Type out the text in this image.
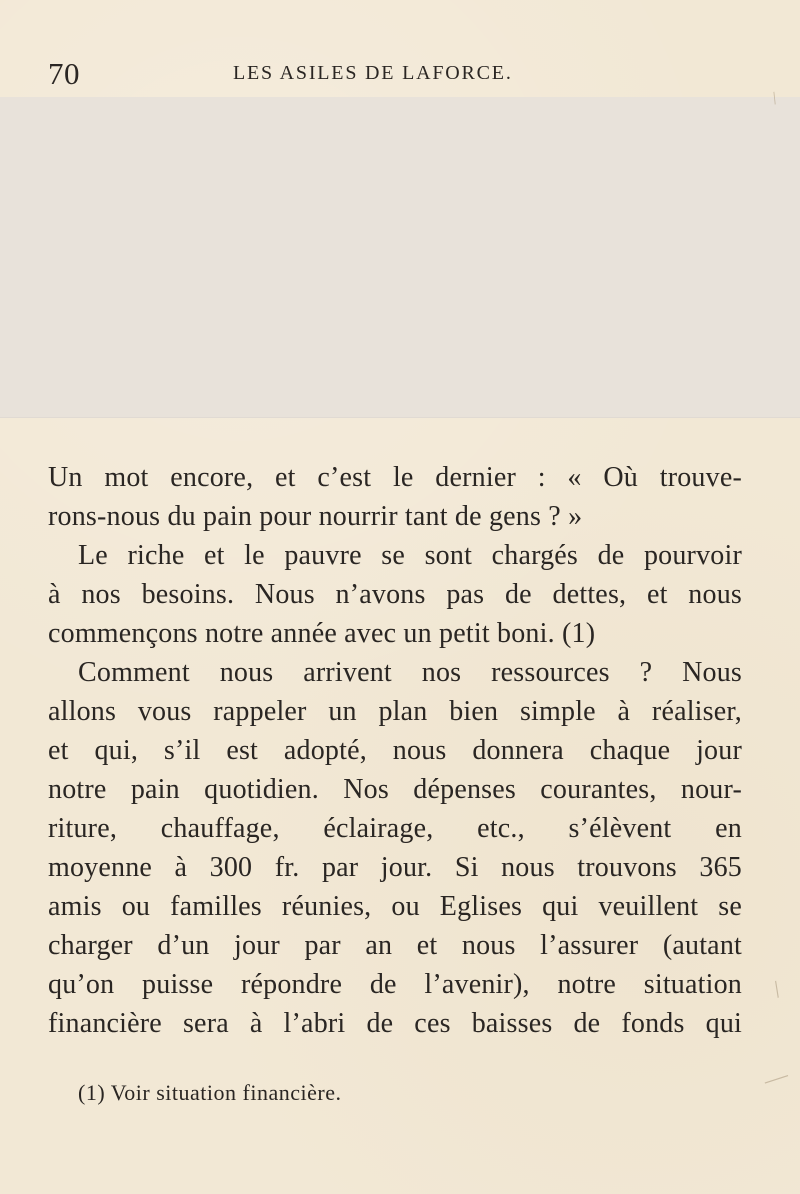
70	LES ASILES DE LAFORCE.
Un mot encore, et c’est le dernier : « Où trouve-
rons-nous du pain pour nourrir tant de gens ? »
Le riche et le pauvre se sont chargés de pourvoir
à nos besoins. Nous n’avons pas de dettes, et nous
commençons notre année avec un petit boni. (1)
Comment nous arrivent nos ressources ? Nous
allons vous rappeler un plan bien simple à réaliser,
et qui, s’il est adopté, nous donnera chaque jour
notre pain quotidien. Nos dépenses courantes, nour-
riture, chauffage, éclairage, etc., s’élèvent en
moyenne à 300 fr. par jour. Si nous trouvons 365
amis ou familles réunies, ou Eglises qui veuillent se
charger d’un jour par an et nous l’assurer (autant
qu’on puisse répondre de l’avenir), notre situation
financière sera à l’abri de ces baisses de fonds qui
(1) Voir situation financière.
/
—
/
